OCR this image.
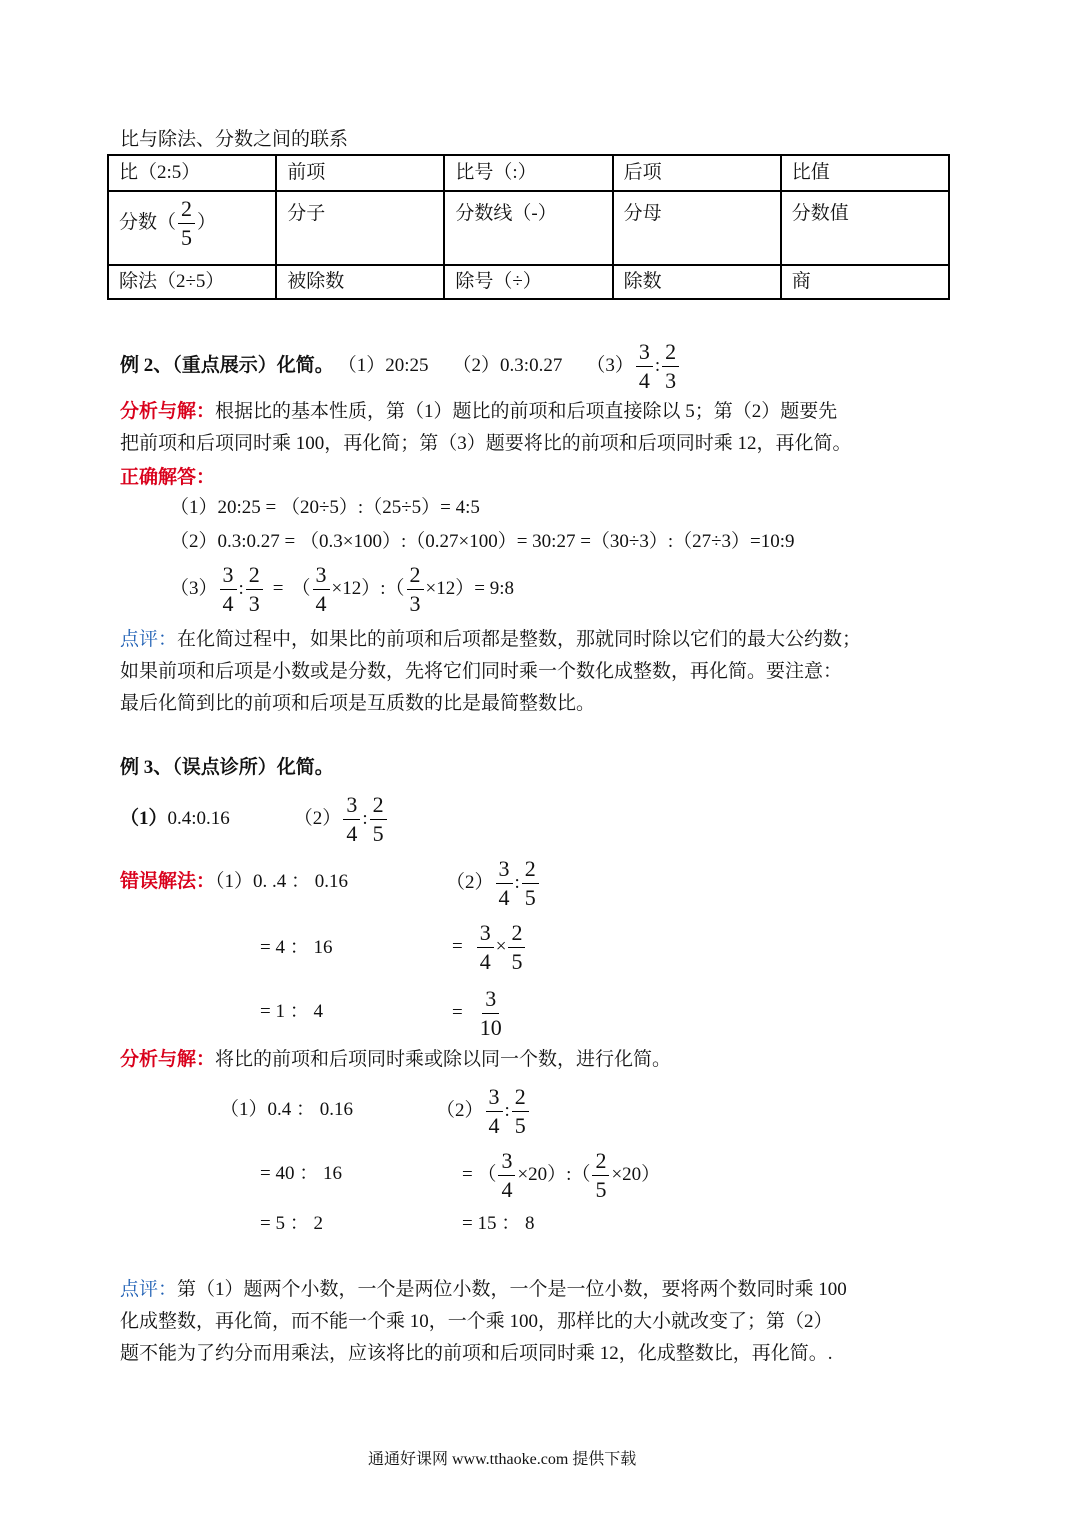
比与除法、分数之间的联系
比（2:5）	前项	比号（:）	后项	比值
分数（ $\frac{2}{5}$ ）	分子	分数线（-）	分母	分数值
除法（2÷5）	被除数	除号（÷）	除数	商
例 2、（重点展示）化简。 （1）20:25 （2）0.3:0.27 $(3) \frac{3}{4}$ : $\frac{2}{3}$
分析与解：根据比的基本性质，第（1）题比的前项和后项直接除以 5；第（2）题要先
把前项和后项同时乘 100，再化简；第（3）题要将比的前项和后项同时乘 12，再化简。
正确解答：
（1）20:25 = （20÷5）:（25÷5）= 4:5
（2）0.3:0.27 = （0.3×100）:（0.27×100）= 30:27 =（30÷3）:（27÷3）=10:9
$(3) \frac{3}{4}$ : $\frac{2}{3}$ = （ $\frac{3}{4}$ ×12）:（ $\frac{2}{3} \times 12)=$ 9:8
点评：在化简过程中，如果比的前项和后项都是整数，那就同时除以它们的最大公约数；
如果前项和后项是小数或是分数，先将它们同时乘一个数化成整数，再化简。要注意：
最后化简到比的前项和后项是互质数的比是最简整数比。
例 3、（误点诊所）化简。
（1） 0.4:0.16	$(2) \frac{3}{4}$ : $\frac{2}{5}$
错误解法：（1）0. .4 ： 0.16
= 4 ： 16
= 1 ： 4
$(2) \frac{3}{4}$ : $\frac{2}{5}$
= $\frac{3}{4} \times \frac{2}{5}$
= $\frac{3}{10}$
分析与解：将比的前项和后项同时乘或除以同一个数，进行化简。
（1）0.4 ： 0.16
= 40 ： 16
= 5 ： 2
$(2) \frac{3}{4}$ : $\frac{2}{5}$
= （ $\frac{3}{4}$ ×20）:（ $\frac{2}{5} \times 20$）
= 15 ： 8
点评：第（1）题两个小数，一个是两位小数，一个是一位小数，要将两个数同时乘 100
化成整数，再化简，而不能一个乘 10，一个乘 100，那样比的大小就改变了；第（2）
题不能为了约分而用乘法，应该将比的前项和后项同时乘 12，化成整数比，再化简。.
通通好课网 www.tthaoke.com 提供下载
